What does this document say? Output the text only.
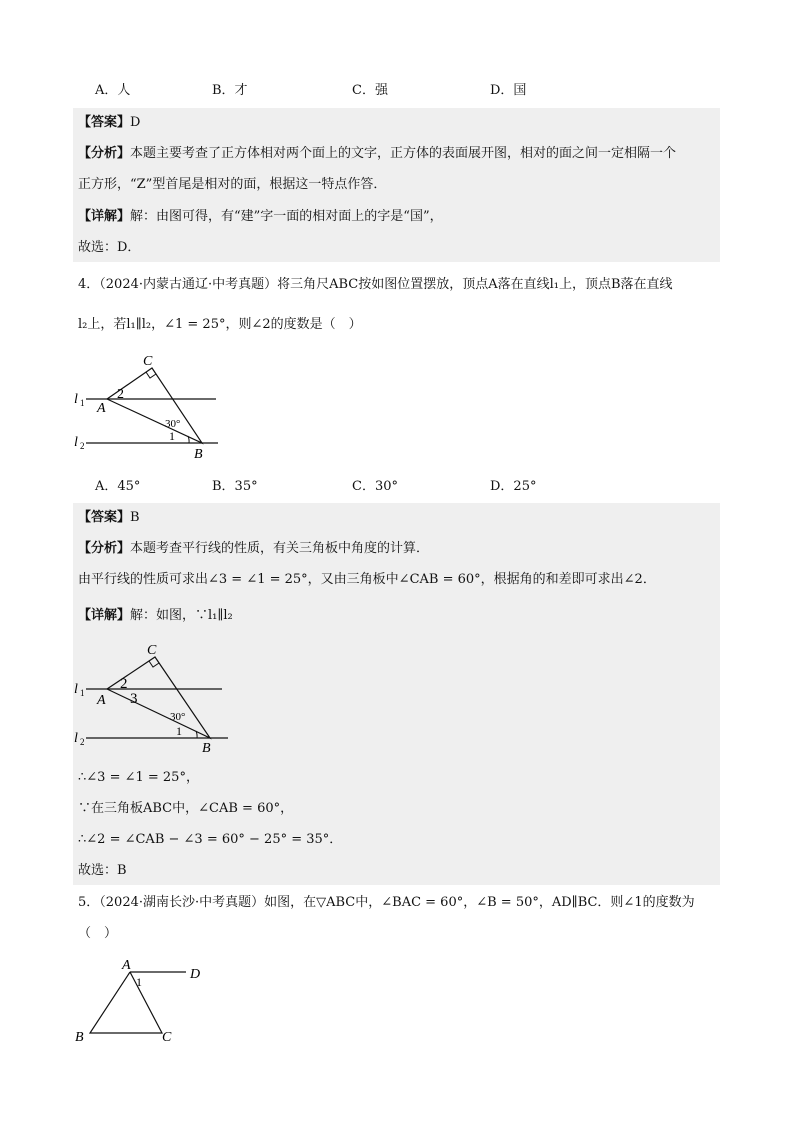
A．人	B．才	C．强	D．国
【答案】D
【分析】本题主要考查了正方体相对两个面上的文字，正方体的表面展开图，相对的面之间一定相隔一个
正方形，“Z”型首尾是相对的面，根据这一特点作答．
【详解】解：由图可得，有“建”字一面的相对面上的字是“国”，
故选：D．
4．（2024·内蒙古通辽·中考真题）将三角尺ABC按如图位置摆放，顶点A落在直线l₁上，顶点B落在直线
l₂上，若l₁∥l₂，∠1 = 25°，则∠2的度数是（　）
C
A
B
l 1
l 2
2
1
30°
A．45°	B．35°	C．30°	D．25°
【答案】B
【分析】本题考查平行线的性质，有关三角板中角度的计算．
由平行线的性质可求出∠3 = ∠1 = 25°，又由三角板中∠CAB = 60°，根据角的和差即可求出∠2．
【详解】解：如图，∵l₁∥l₂
C
A
B
l 1
l 2
2
3
1
30°
∴∠3 = ∠1 = 25°，
∵在三角板ABC中，∠CAB = 60°，
∴∠2 = ∠CAB − ∠3 = 60° − 25° = 35°．
故选：B
5．（2024·湖南长沙·中考真题）如图，在▽ABC中，∠BAC = 60°，∠B = 50°，AD∥BC．则∠1的度数为
（　）
A
D
B	C
1
